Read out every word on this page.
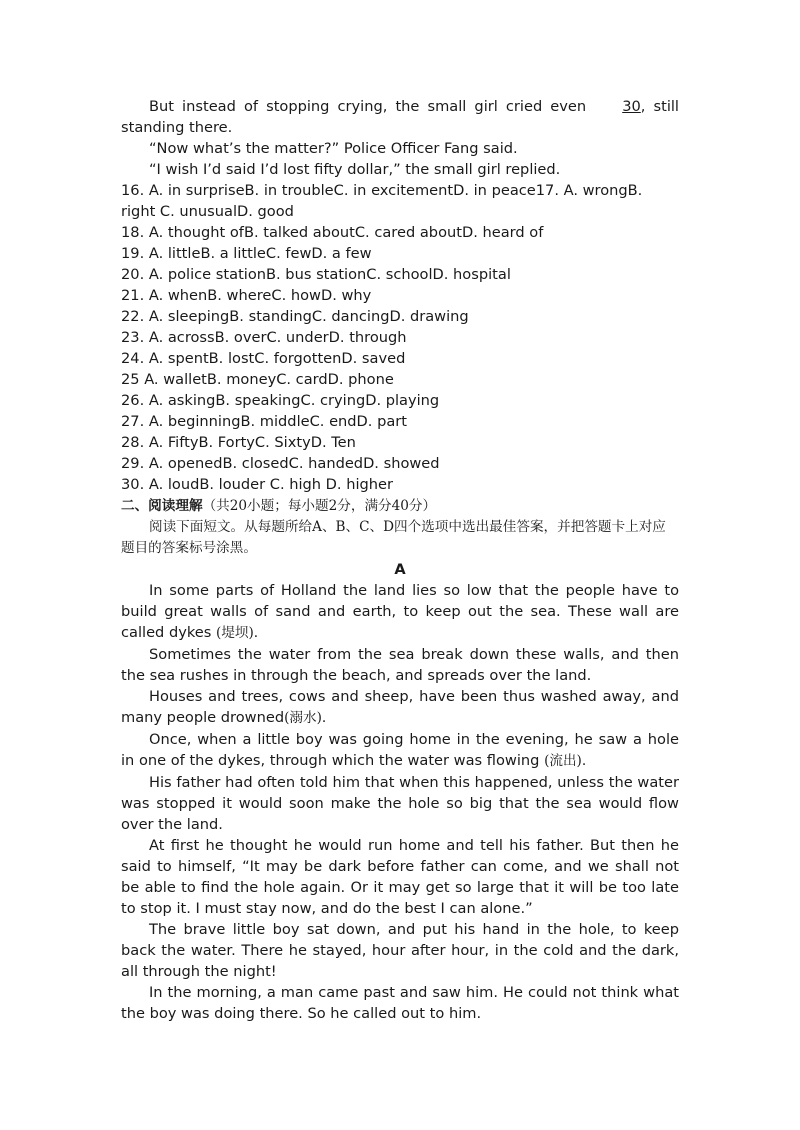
But instead of stopping crying, the small girl cried even 30, still standing there.

“Now what’s the matter?” Police Officer Fang said.

“I wish I’d said I’d lost fifty dollar,” the small girl replied.

16. A. in surpriseB. in troubleC. in excitementD. in peace17. A. wrongB. right C. unusualD. good

18. A. thought ofB. talked aboutC. cared aboutD. heard of

19. A. littleB. a littleC. fewD. a few

20. A. police stationB. bus stationC. schoolD. hospital

21. A. whenB. whereC. howD. why

22. A. sleepingB. standingC. dancingD. drawing

23. A. acrossB. overC. underD. through

24. A. spentB. lostC. forgottenD. saved

25 A. walletB. moneyC. cardD. phone

26. A. askingB. speakingC. cryingD. playing

27. A. beginningB. middleC. endD. part

28. A. FiftyB. FortyC. SixtyD. Ten

29. A. openedB. closedC. handedD. showed

30. A. loudB. louder C. high D. higher

二、阅读理解（共20小题；每小题2分，满分40分）

阅读下面短文。从每题所给A、B、C、D四个选项中选出最佳答案，并把答题卡上对应题目的答案标号涂黑。

A

In some parts of Holland the land lies so low that the people have to build great walls of sand and earth, to keep out the sea. These wall are called dykes (堤坝).

Sometimes the water from the sea break down these walls, and then the sea rushes in through the beach, and spreads over the land.

Houses and trees, cows and sheep, have been thus washed away, and many people drowned(溺水).

Once, when a little boy was going home in the evening, he saw a hole in one of the dykes, through which the water was flowing (流出).

His father had often told him that when this happened, unless the water was stopped it would soon make the hole so big that the sea would flow over the land.

At first he thought he would run home and tell his father. But then he said to himself, “It may be dark before father can come, and we shall not be able to find the hole again. Or it may get so large that it will be too late to stop it. I must stay now, and do the best I can alone.”

The brave little boy sat down, and put his hand in the hole, to keep back the water. There he stayed, hour after hour, in the cold and the dark, all through the night!

In the morning, a man came past and saw him. He could not think what the boy was doing there. So he called out to him.
